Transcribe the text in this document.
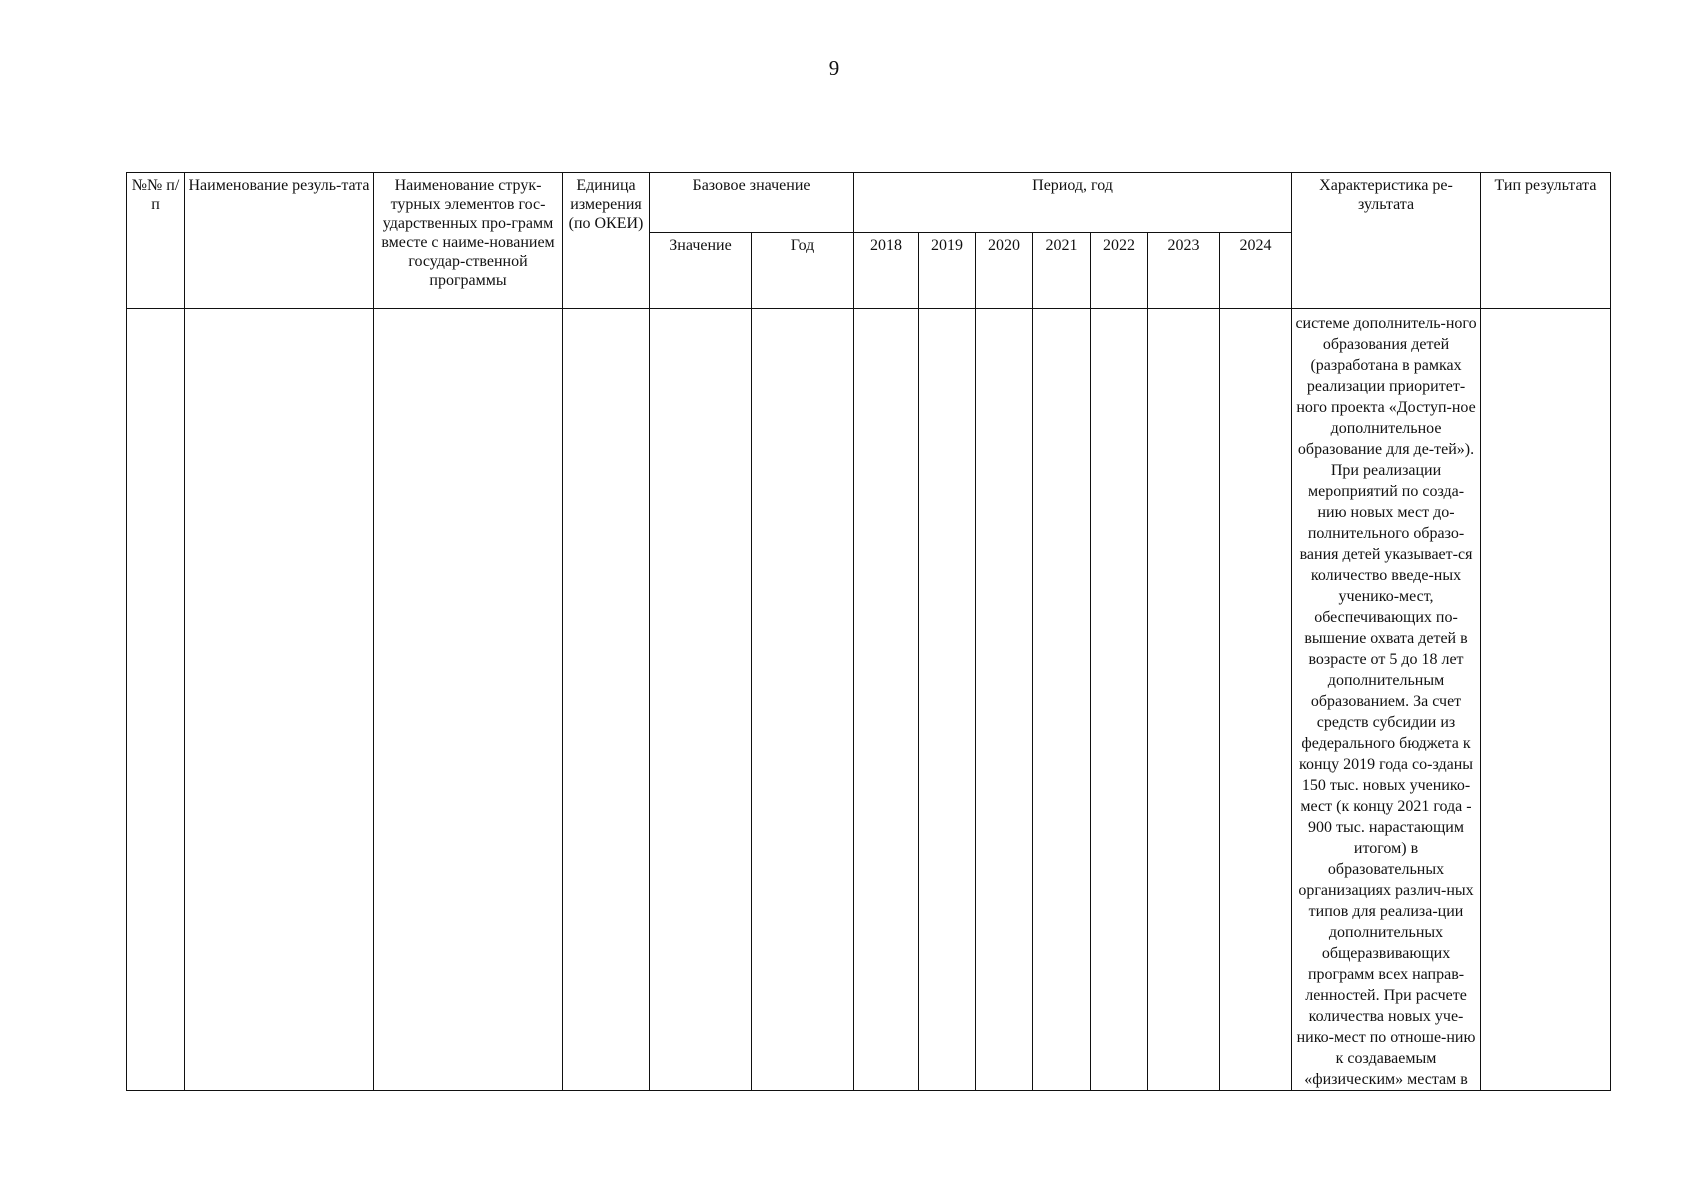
9
№№ п/п	Наименование резуль-тата	Наименование струк-турных элементов гос-ударственных про-грамм вместе с наиме-нованием государ-ственной программы	Единица измерения (по ОКЕИ)	Базовое значение		Период, год							Характеристика ре-зультата	Тип результата
				Значение	Год	2018	2019	2020	2021	2022	2023	2024		
													системе дополнитель-ного образования детей (разработана в рамках реализации приоритет-ного проекта «Доступ-ное дополнительное образование для де-тей»). При реализации мероприятий по созда-нию новых мест до-полнительного образо-вания детей указывает-ся количество введе-ных ученико-мест, обеспечивающих по-вышение охвата детей в возрасте от 5 до 18 лет дополнительным образованием. За счет средств субсидии из федерального бюджета к концу 2019 года со-зданы 150 тыс. новых ученико-мест (к концу 2021 года - 900 тыс. нарастающим итогом) в образовательных организациях различ-ных типов для реализа-ции дополнительных общеразвивающих программ всех направ-ленностей. При расчете количества новых уче-нико-мест по отноше-нию к создаваемым «физическим» местам в	
